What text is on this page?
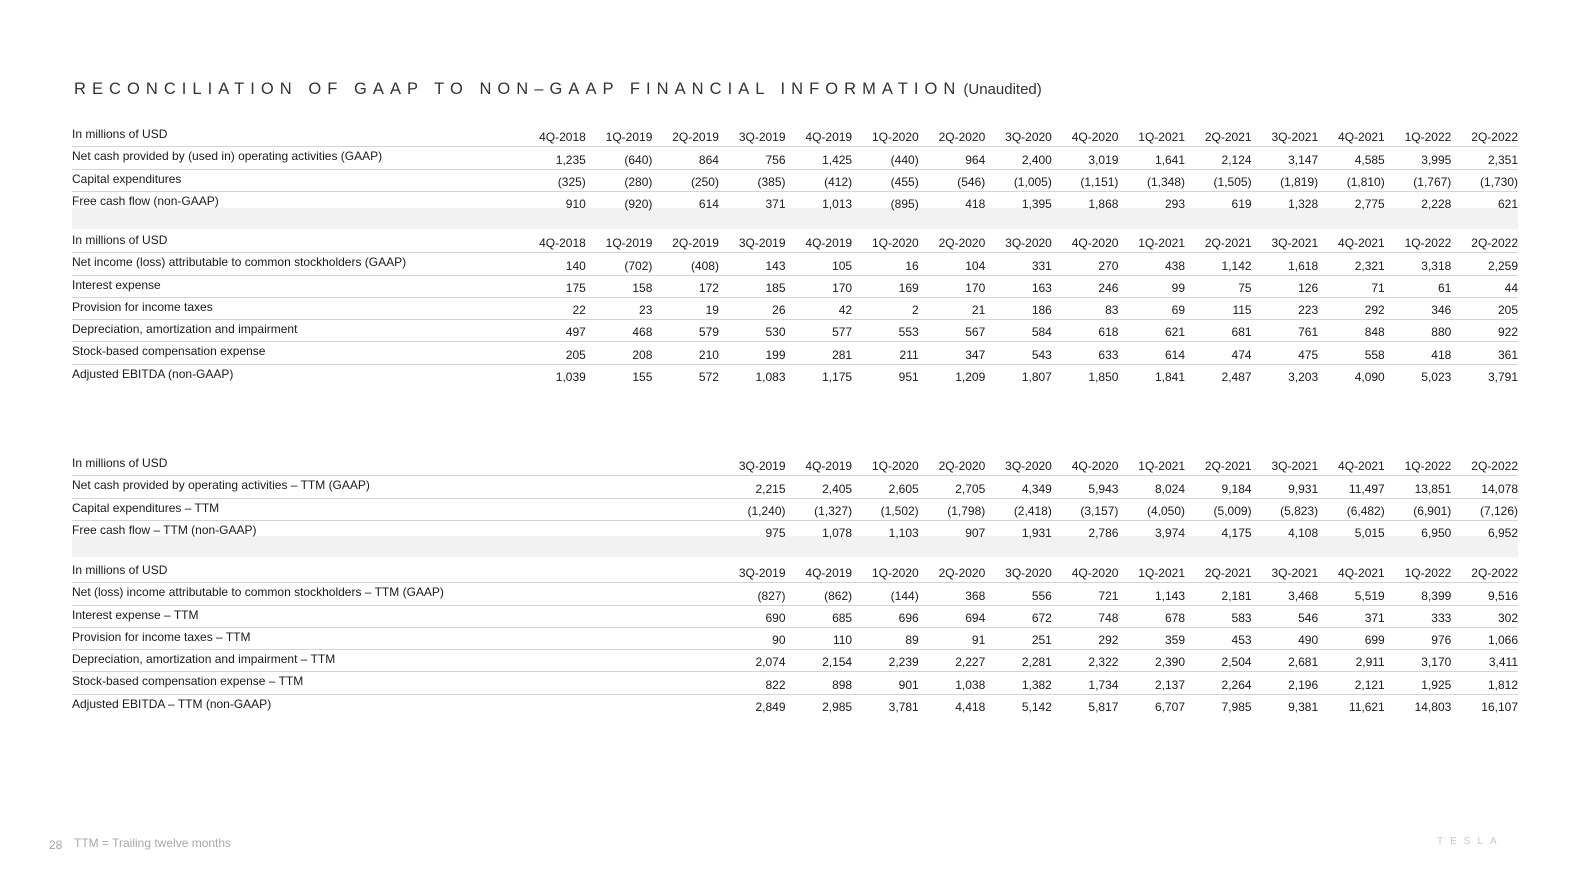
RECONCILIATION OF GAAP TO NON–GAAP FINANCIAL INFORMATION (Unaudited)
In millions of USD	4Q-2018	1Q-2019	2Q-2019	3Q-2019	4Q-2019	1Q-2020	2Q-2020	3Q-2020	4Q-2020	1Q-2021	2Q-2021	3Q-2021	4Q-2021	1Q-2022	2Q-2022
Net cash provided by (used in) operating activities (GAAP)	1,235	(640)	864	756	1,425	(440)	964	2,400	3,019	1,641	2,124	3,147	4,585	3,995	2,351
Capital expenditures	(325)	(280)	(250)	(385)	(412)	(455)	(546)	(1,005)	(1,151)	(1,348)	(1,505)	(1,819)	(1,810)	(1,767)	(1,730)
Free cash flow (non-GAAP)	910	(920)	614	371	1,013	(895)	418	1,395	1,868	293	619	1,328	2,775	2,228	621
In millions of USD	4Q-2018	1Q-2019	2Q-2019	3Q-2019	4Q-2019	1Q-2020	2Q-2020	3Q-2020	4Q-2020	1Q-2021	2Q-2021	3Q-2021	4Q-2021	1Q-2022	2Q-2022
Net income (loss) attributable to common stockholders (GAAP)	140	(702)	(408)	143	105	16	104	331	270	438	1,142	1,618	2,321	3,318	2,259
Interest expense	175	158	172	185	170	169	170	163	246	99	75	126	71	61	44
Provision for income taxes	22	23	19	26	42	2	21	186	83	69	115	223	292	346	205
Depreciation, amortization and impairment	497	468	579	530	577	553	567	584	618	621	681	761	848	880	922
Stock-based compensation expense	205	208	210	199	281	211	347	543	633	614	474	475	558	418	361
Adjusted EBITDA (non-GAAP)	1,039	155	572	1,083	1,175	951	1,209	1,807	1,850	1,841	2,487	3,203	4,090	5,023	3,791
In millions of USD				3Q-2019	4Q-2019	1Q-2020	2Q-2020	3Q-2020	4Q-2020	1Q-2021	2Q-2021	3Q-2021	4Q-2021	1Q-2022	2Q-2022
Net cash provided by operating activities – TTM (GAAP)				2,215	2,405	2,605	2,705	4,349	5,943	8,024	9,184	9,931	11,497	13,851	14,078
Capital expenditures – TTM				(1,240)	(1,327)	(1,502)	(1,798)	(2,418)	(3,157)	(4,050)	(5,009)	(5,823)	(6,482)	(6,901)	(7,126)
Free cash flow – TTM (non-GAAP)				975	1,078	1,103	907	1,931	2,786	3,974	4,175	4,108	5,015	6,950	6,952
In millions of USD				3Q-2019	4Q-2019	1Q-2020	2Q-2020	3Q-2020	4Q-2020	1Q-2021	2Q-2021	3Q-2021	4Q-2021	1Q-2022	2Q-2022
Net (loss) income attributable to common stockholders – TTM (GAAP)				(827)	(862)	(144)	368	556	721	1,143	2,181	3,468	5,519	8,399	9,516
Interest expense – TTM				690	685	696	694	672	748	678	583	546	371	333	302
Provision for income taxes – TTM				90	110	89	91	251	292	359	453	490	699	976	1,066
Depreciation, amortization and impairment – TTM				2,074	2,154	2,239	2,227	2,281	2,322	2,390	2,504	2,681	2,911	3,170	3,411
Stock-based compensation expense – TTM				822	898	901	1,038	1,382	1,734	2,137	2,264	2,196	2,121	1,925	1,812
Adjusted EBITDA – TTM (non-GAAP)				2,849	2,985	3,781	4,418	5,142	5,817	6,707	7,985	9,381	11,621	14,803	16,107
28 TTM = Trailing twelve months	TESLA
